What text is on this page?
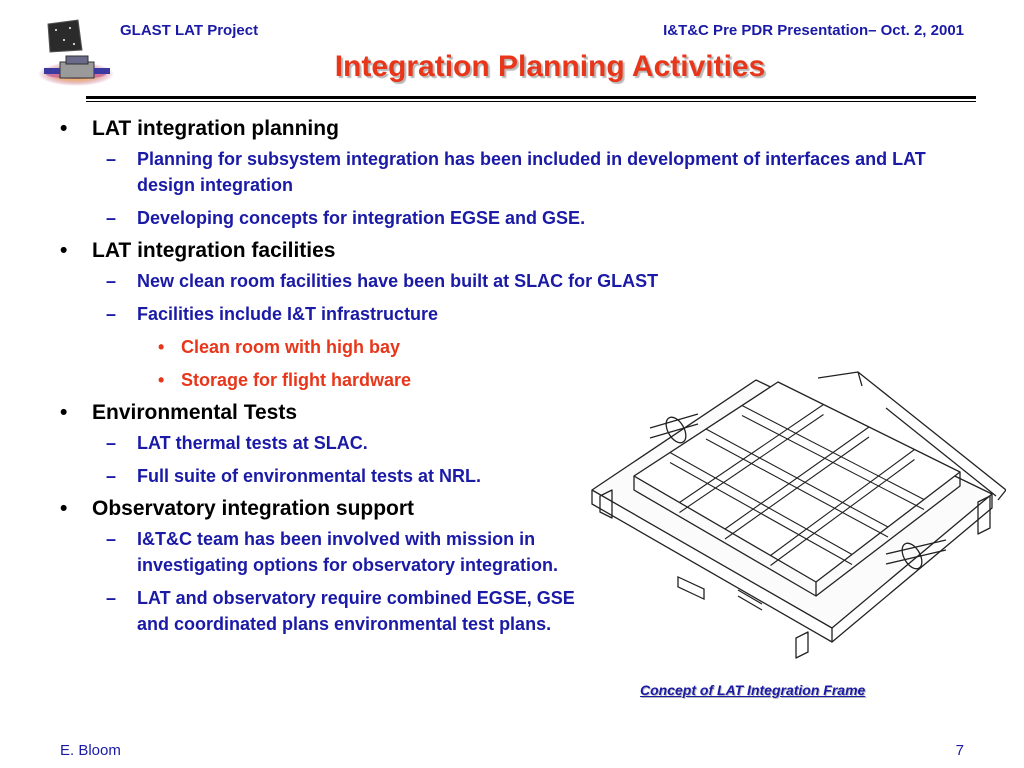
GLAST LAT Project	I&T&C Pre PDR Presentation– Oct. 2, 2001
Integration Planning Activities
• LAT integration planning
– Planning for subsystem integration has been included in development of interfaces and LAT design integration
– Developing concepts for integration EGSE and GSE.
• LAT integration facilities
– New clean room facilities have been built at SLAC for GLAST
– Facilities include I&T infrastructure
• Clean room with high bay
• Storage for flight hardware
• Environmental Tests
– LAT thermal tests at SLAC.
– Full suite of environmental tests at NRL.
• Observatory integration support
– I&T&C team has been involved with mission in investigating options for observatory integration.
– LAT and observatory require combined EGSE, GSE and coordinated plans environmental test plans.
Concept of LAT Integration Frame
E. Bloom	7
